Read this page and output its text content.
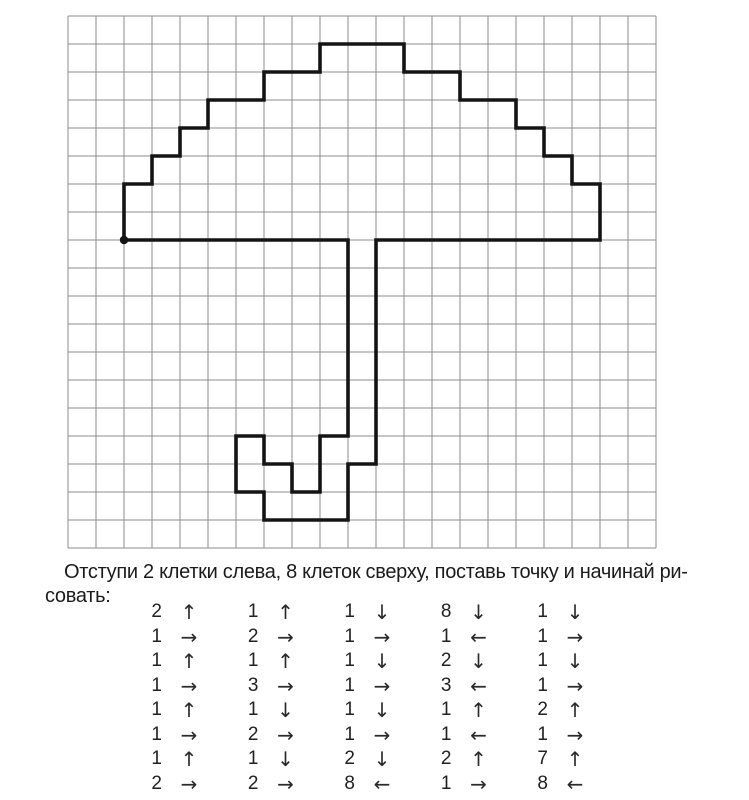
Отступи 2 клетки слева, 8 клеток сверху, поставь точку и начинай ри-
совать:
2 ↑
1 →
1 ↑
1 →
1 ↑
1 →
1 ↑
2 →
1 ↑
2 →
1 ↑
3 →
1 ↓
2 →
1 ↓
2 →
1 ↓
1 →
1 ↓
1 →
1 ↓
1 →
2 ↓
8 ←
8 ↓
1 ←
2 ↓
3 ←
1 ↑
1 ←
2 ↑
1 →
1 ↓
1 →
1 ↓
1 →
2 ↑
1 →
7 ↑
8 ←
